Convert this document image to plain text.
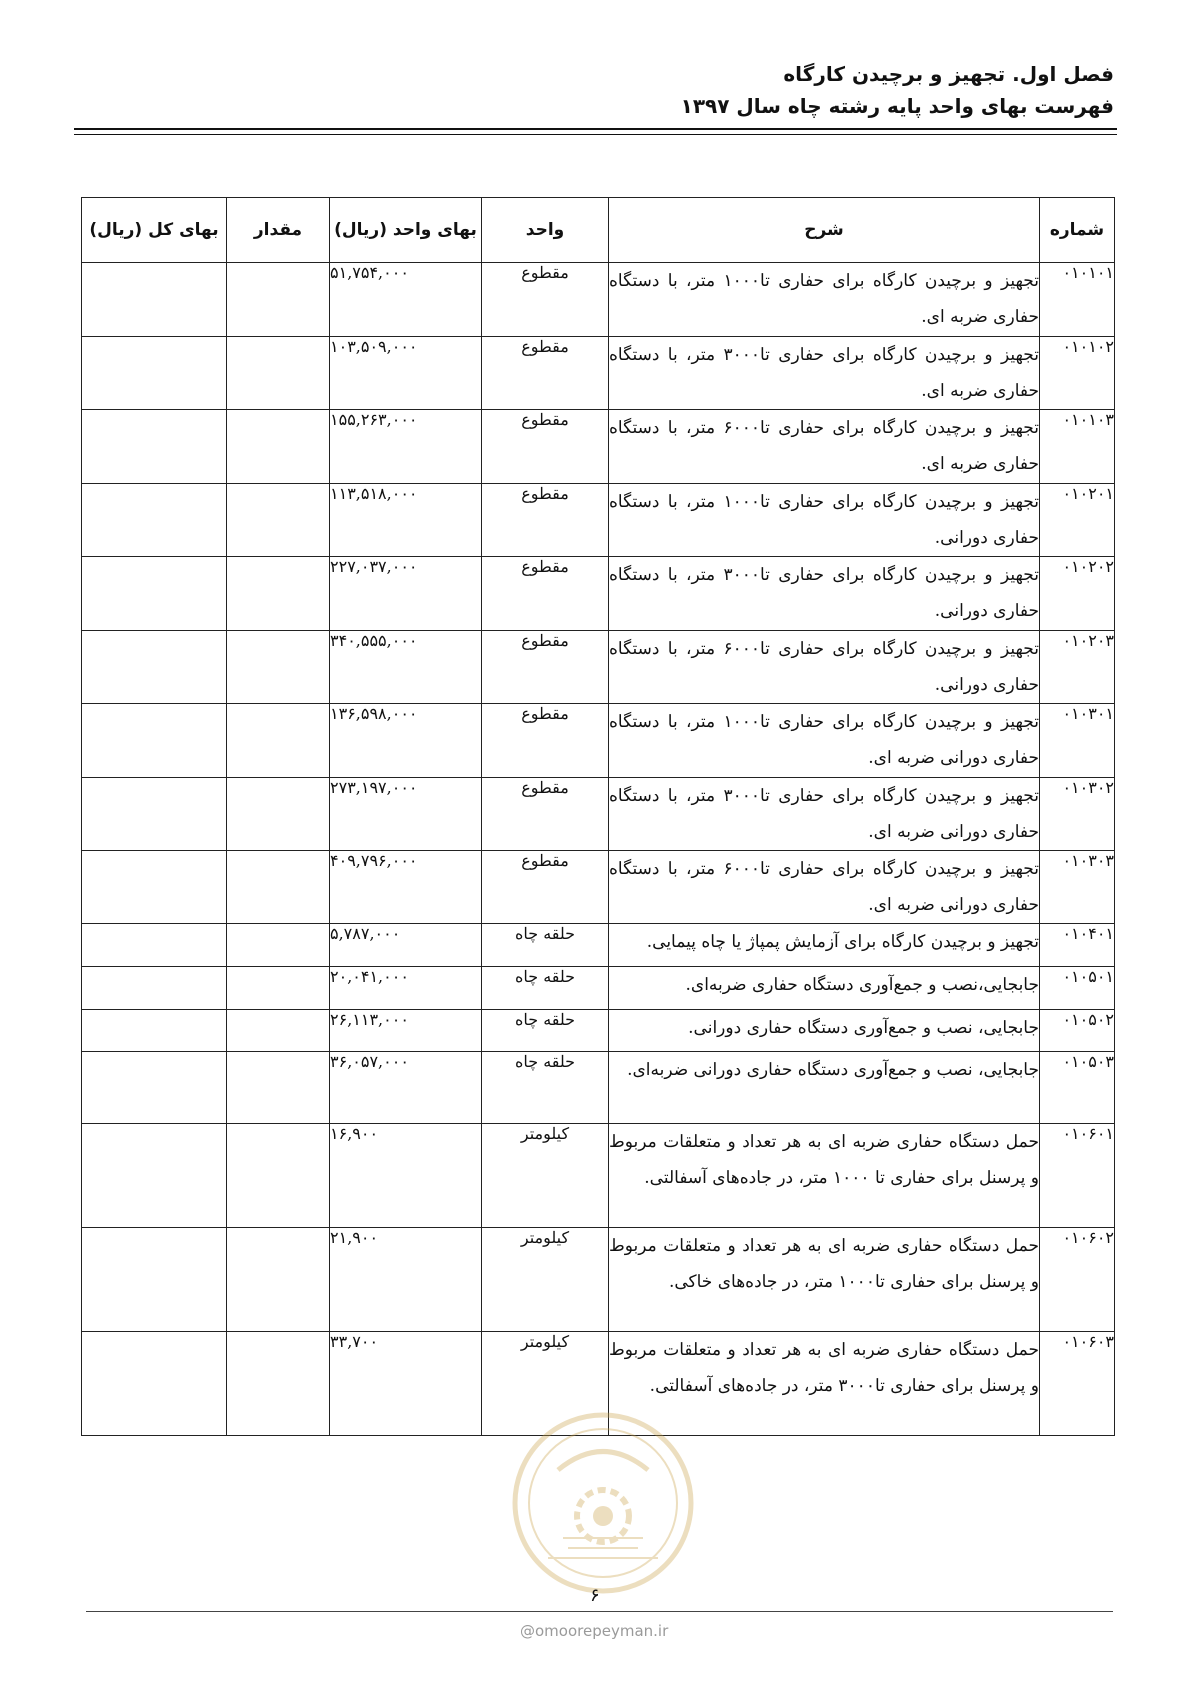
فصل اول. تجهیز و برچیدن کارگاه
فهرست بهای واحد پایه رشته چاه سال ۱۳۹۷
شماره	شرح	واحد	بهای واحد (ریال)	مقدار	بهای کل (ریال)
۰۱۰۱۰۱	تجهیز و برچیدن کارگاه برای حفاری تا۱۰۰۰ متر، با دستگاه حفاری ضربه ای.	مقطوع	۵۱,۷۵۴,۰۰۰		
۰۱۰۱۰۲	تجهیز و برچیدن کارگاه برای حفاری تا۳۰۰۰ متر، با دستگاه حفاری ضربه ای.	مقطوع	۱۰۳,۵۰۹,۰۰۰		
۰۱۰۱۰۳	تجهیز و برچیدن کارگاه برای حفاری تا۶۰۰۰ متر، با دستگاه حفاری ضربه ای.	مقطوع	۱۵۵,۲۶۳,۰۰۰		
۰۱۰۲۰۱	تجهیز و برچیدن کارگاه برای حفاری تا۱۰۰۰ متر، با دستگاه حفاری دورانی.	مقطوع	۱۱۳,۵۱۸,۰۰۰		
۰۱۰۲۰۲	تجهیز و برچیدن کارگاه برای حفاری تا۳۰۰۰ متر، با دستگاه حفاری دورانی.	مقطوع	۲۲۷,۰۳۷,۰۰۰		
۰۱۰۲۰۳	تجهیز و برچیدن کارگاه برای حفاری تا۶۰۰۰ متر، با دستگاه حفاری دورانی.	مقطوع	۳۴۰,۵۵۵,۰۰۰		
۰۱۰۳۰۱	تجهیز و برچیدن کارگاه برای حفاری تا۱۰۰۰ متر، با دستگاه حفاری دورانی ضربه ای.	مقطوع	۱۳۶,۵۹۸,۰۰۰		
۰۱۰۳۰۲	تجهیز و برچیدن کارگاه برای حفاری تا۳۰۰۰ متر، با دستگاه حفاری دورانی ضربه ای.	مقطوع	۲۷۳,۱۹۷,۰۰۰		
۰۱۰۳۰۳	تجهیز و برچیدن کارگاه برای حفاری تا۶۰۰۰ متر، با دستگاه حفاری دورانی ضربه ای.	مقطوع	۴۰۹,۷۹۶,۰۰۰		
۰۱۰۴۰۱	تجهیز و برچیدن کارگاه برای آزمایش پمپاژ یا چاه پیمایی.	حلقه چاه	۵,۷۸۷,۰۰۰		
۰۱۰۵۰۱	جابجایی،نصب و جمع‌آوری دستگاه حفاری ضربه‌ای.	حلقه چاه	۲۰,۰۴۱,۰۰۰		
۰۱۰۵۰۲	جابجایی، نصب و جمع‌آوری دستگاه حفاری دورانی.	حلقه چاه	۲۶,۱۱۳,۰۰۰		
۰۱۰۵۰۳	جابجایی، نصب و جمع‌آوری دستگاه حفاری دورانی ضربه‌ای.	حلقه چاه	۳۶,۰۵۷,۰۰۰		
۰۱۰۶۰۱	حمل دستگاه حفاری ضربه ای به هر تعداد و متعلقات مربوط و پرسنل برای حفاری تا ۱۰۰۰ متر، در جاده‌های آسفالتی.	کیلومتر	۱۶,۹۰۰		
۰۱۰۶۰۲	حمل دستگاه حفاری ضربه ای به هر تعداد و متعلقات مربوط و پرسنل برای حفاری تا۱۰۰۰ متر، در جاده‌های خاکی.	کیلومتر	۲۱,۹۰۰		
۰۱۰۶۰۳	حمل دستگاه حفاری ضربه ای به هر تعداد و متعلقات مربوط و پرسنل برای حفاری تا۳۰۰۰ متر، در جاده‌های آسفالتی.	کیلومتر	۳۳,۷۰۰		
۶
@omoorepeyman.ir
